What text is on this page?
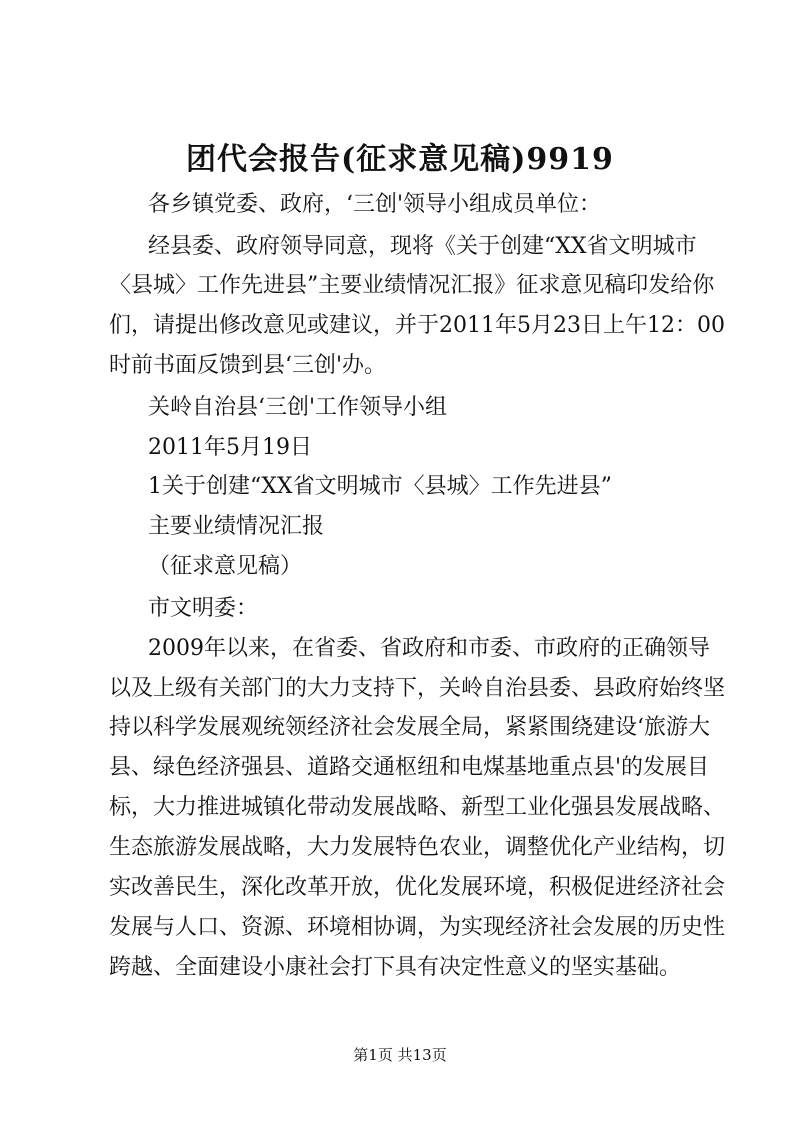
团代会报告(征求意见稿)9919
各乡镇党委、政府，‘三创'领导小组成员单位：
经县委、政府领导同意，现将《关于创建“XX省文明城市
〈县城〉工作先进县”主要业绩情况汇报》征求意见稿印发给你
们，请提出修改意见或建议，并于2011年5月23日上午12：00
时前书面反馈到县‘三创'办。
关岭自治县‘三创'工作领导小组
2011年5月19日
1关于创建“XX省文明城市〈县城〉工作先进县”
主要业绩情况汇报
（征求意见稿）
市文明委：
2009年以来，在省委、省政府和市委、市政府的正确领导
以及上级有关部门的大力支持下，关岭自治县委、县政府始终坚
持以科学发展观统领经济社会发展全局，紧紧围绕建设‘旅游大
县、绿色经济强县、道路交通枢纽和电煤基地重点县'的发展目
标，大力推进城镇化带动发展战略、新型工业化强县发展战略、
生态旅游发展战略，大力发展特色农业，调整优化产业结构，切
实改善民生，深化改革开放，优化发展环境，积极促进经济社会
发展与人口、资源、环境相协调，为实现经济社会发展的历史性
跨越、全面建设小康社会打下具有决定性意义的坚实基础。
第1页 共13页
